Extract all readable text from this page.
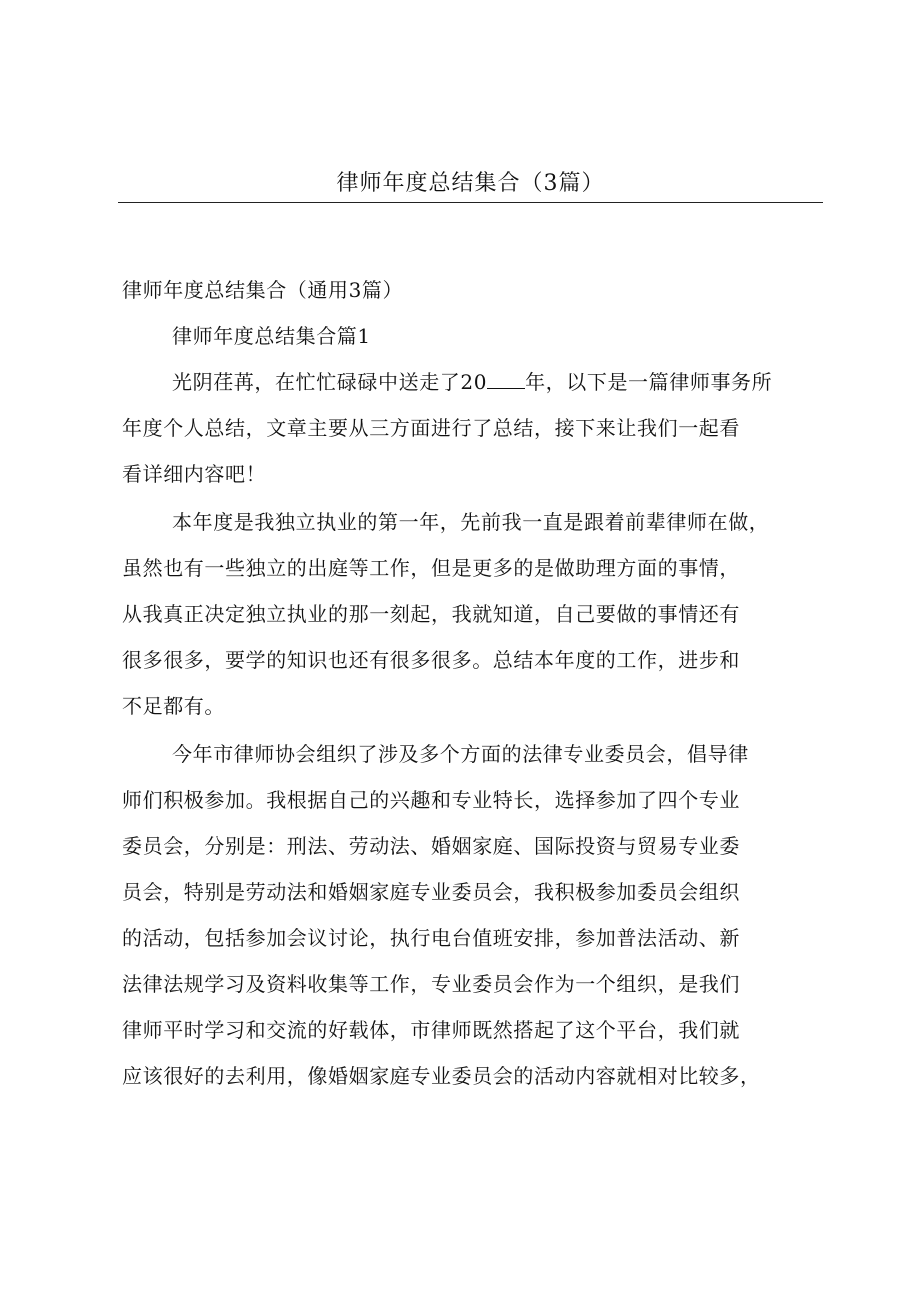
律师年度总结集合（3篇）
律师年度总结集合（通用3篇）
律师年度总结集合篇1
光阴荏苒，在忙忙碌碌中送走了20 年，以下是一篇律师事务所
年度个人总结，文章主要从三方面进行了总结，接下来让我们一起看
看详细内容吧！
本年度是我独立执业的第一年，先前我一直是跟着前辈律师在做，
虽然也有一些独立的出庭等工作，但是更多的是做助理方面的事情，
从我真正决定独立执业的那一刻起，我就知道，自己要做的事情还有
很多很多，要学的知识也还有很多很多。总结本年度的工作，进步和
不足都有。
今年市律师协会组织了涉及多个方面的法律专业委员会，倡导律
师们积极参加。我根据自己的兴趣和专业特长，选择参加了四个专业
委员会，分别是：刑法、劳动法、婚姻家庭、国际投资与贸易专业委
员会，特别是劳动法和婚姻家庭专业委员会，我积极参加委员会组织
的活动，包括参加会议讨论，执行电台值班安排，参加普法活动、新
法律法规学习及资料收集等工作，专业委员会作为一个组织，是我们
律师平时学习和交流的好载体，市律师既然搭起了这个平台，我们就
应该很好的去利用，像婚姻家庭专业委员会的活动内容就相对比较多，
